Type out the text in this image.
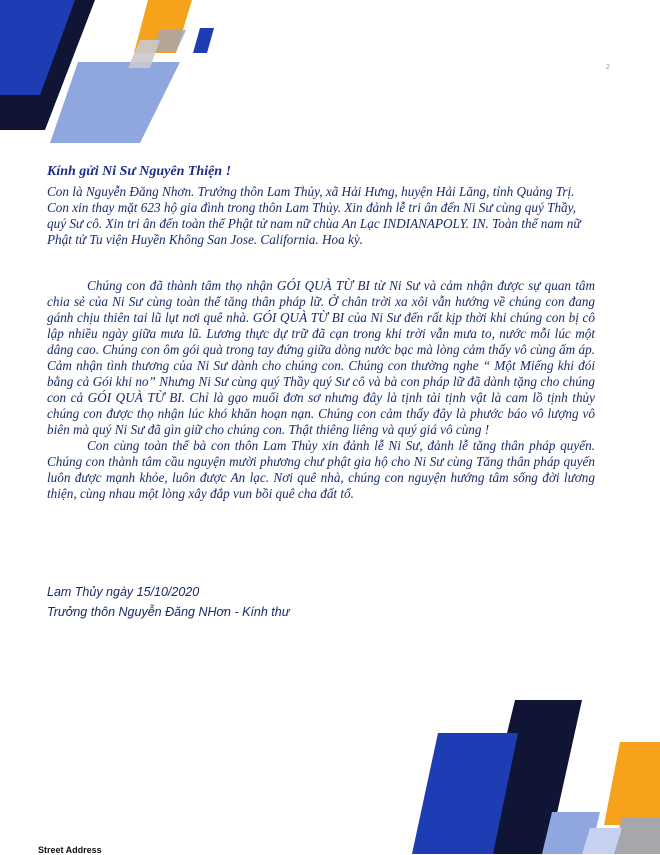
2
Kính gửi Ni Sư Nguyên Thiện !

Con là Nguyễn Đăng Nhơn. Trưởng thôn Lam Thủy, xã Hải Hưng, huyện Hải Lăng, tỉnh Quảng Trị.

Con xin thay mặt 623 hộ gia đình trong thôn Lam Thủy. Xin đảnh lễ tri ân đến Ni Sư cùng quý Thầy, quý Sư cô. Xin tri ân đến toàn thể Phật tử nam nữ chùa An Lạc INDIANAPOLY. IN. Toàn thể nam nữ Phật tử Tu viện Huyền Không San Jose. California. Hoa kỳ.

Chúng con đã thành tâm thọ nhận GÓI QUÀ TỪ BI từ Ni Sư và cảm nhận được sự quan tâm chia sẻ của Ni Sư cùng toàn thể tăng thân pháp lữ. Ở chân trời xa xôi vẫn hướng về chúng con đang gánh chịu thiên tai lũ lụt nơi quê nhà. GÓI QUÀ TỪ BI của Ni Sư đến rất kịp thời khi chúng con bị cô lập nhiều ngày giữa mưa lũ. Lương thực dự trữ đã cạn trong khi trời vẫn mưa to, nước mỗi lúc một dâng cao. Chúng con ôm gói quà trong tay đứng giữa dòng nước bạc mà lòng cảm thấy vô cùng ấm áp. Cảm nhận tình thương của Ni Sư dành cho chúng con. Chúng con thường nghe “ Một Miếng khi đói bằng cả Gói khi no” Nhưng Ni Sư cùng quý Thầy quý Sư cô và bà con pháp lữ đã dành tặng cho chúng con cả GÓI QUÀ TỪ BI. Chỉ là gạo muối đơn sơ nhưng đây là tịnh tài tịnh vật là cam lồ tịnh thủy chúng con được thọ nhận lúc khó khăn hoạn nạn. Chúng con cảm thấy đây là phước báo vô lượng vô biên mà quý Ni Sư đã gìn giữ cho chúng con. Thật thiêng liêng và quý giá vô cùng !

Con cùng toàn thể bà con thôn Lam Thủy xin đảnh lễ Ni Sư, đảnh lễ tăng thân pháp quyến. Chúng con thành tâm cầu nguyện mười phương chư phật gia hộ cho Ni Sư cùng Tăng thân pháp quyến luôn được mạnh khỏe, luôn được An lạc. Nơi quê nhà, chúng con nguyện hướng tâm sống đời lương thiện, cùng nhau một lòng xây đắp vun bồi quê cha đất tổ.

Lam Thủy ngày 15/10/2020
Trưởng thôn Nguyễn Đăng NHơn - Kính thư
Street Address
